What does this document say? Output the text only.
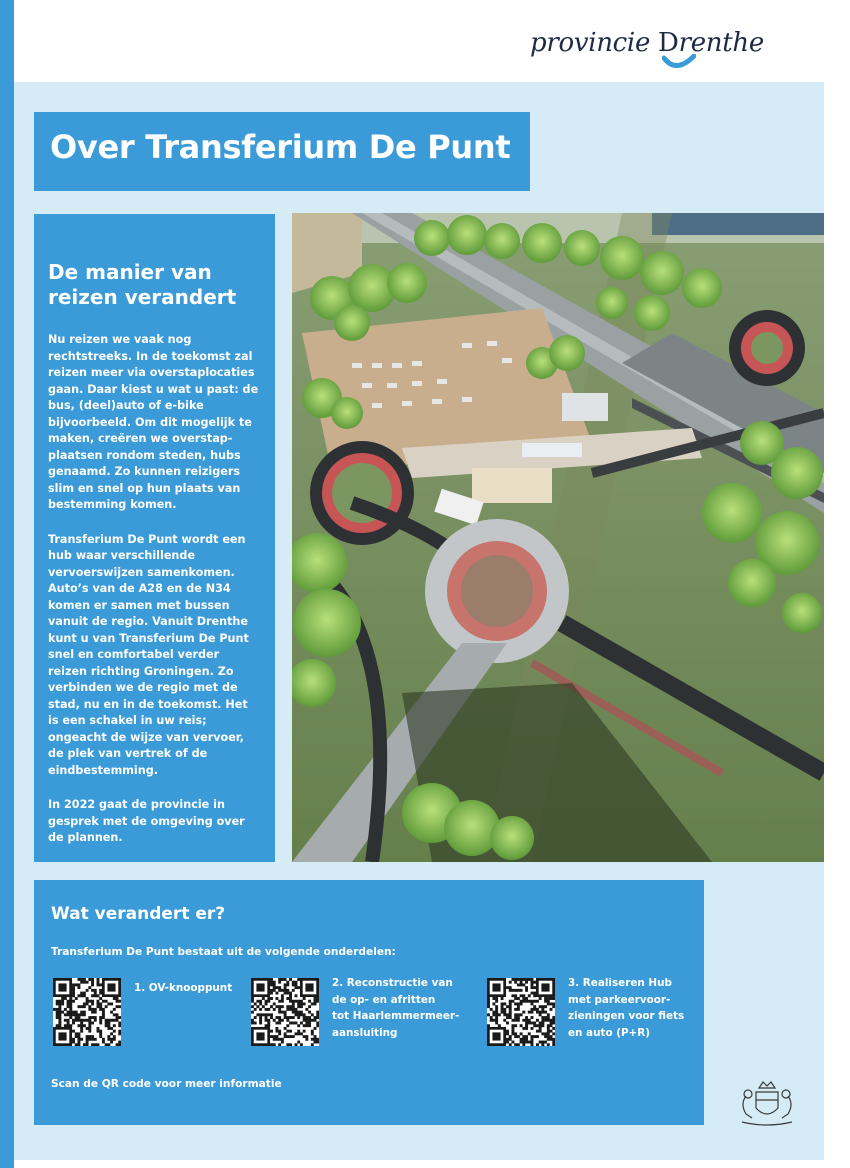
provincie Drenthe
Over Transferium De Punt
De manier van reizen verandert

Nu reizen we vaak nog rechtstreeks. In de toekomst zal reizen meer via overstaplocaties gaan. Daar kiest u wat u past: de bus, (deel)auto of e-bike bijvoorbeeld. Om dit mogelijk te maken, creëren we overstap-plaatsen rondom steden, hubs genaamd. Zo kunnen reizigers slim en snel op hun plaats van bestemming komen.

Transferium De Punt wordt een hub waar verschillende vervoerswijzen samenkomen. Auto’s van de A28 en de N34 komen er samen met bussen vanuit de regio. Vanuit Drenthe kunt u van Transferium De Punt snel en comfortabel verder reizen richting Groningen. Zo verbinden we de regio met de stad, nu en in de toekomst. Het is een schakel in uw reis; ongeacht de wijze van vervoer, de plek van vertrek of de eindbestemming.

In 2022 gaat de provincie in gesprek met de omgeving over de plannen.

Wat verandert er?

Transferium De Punt bestaat uit de volgende onderdelen:

1. OV-knooppunt	2. Reconstructie van
de op- en afritten
tot Haarlemmermeer-
aansluiting
3. Realiseren Hub
met parkeervoor-
zieningen voor fiets
en auto (P+R)

Scan de QR code voor meer informatie
